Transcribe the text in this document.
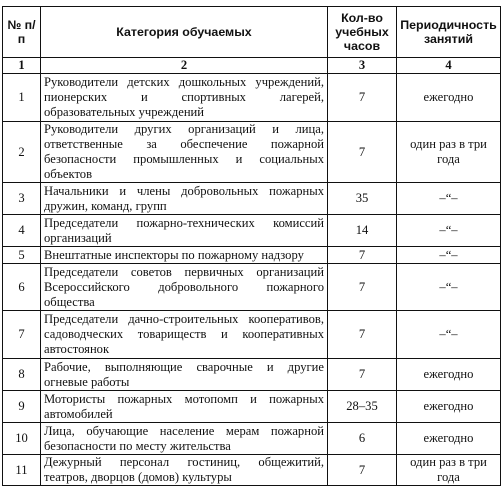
№ п/п	Категория обучаемых	Кол-во учебных часов	Периодичность занятий
1	2	3	4
1	Руководители детских дошкольных учреждений, пионерских и спортивных лагерей, образовательных учреждений	7	ежегодно
2	Руководители других организаций и лица, ответственные за обеспечение пожарной безопасности промышленных и социальных объектов	7	один раз в три года
3	Начальники и члены добровольных пожарных дружин, команд, групп	35	–“–
4	Председатели пожарно-технических комиссий организаций	14	–“–
5	Внештатные инспекторы по пожарному надзору	7	–“–
6	Председатели советов первичных организаций Всероссийского добровольного пожарного общества	7	–“–
7	Председатели дачно-строительных кооперативов, садоводческих товариществ и кооперативных автостоянок	7	–“–
8	Рабочие, выполняющие сварочные и другие огневые работы	7	ежегодно
9	Мотористы пожарных мотопомп и пожарных автомобилей	28–35	ежегодно
10	Лица, обучающие население мерам пожарной безопасности по месту жительства	6	ежегодно
11	Дежурный персонал гостиниц, общежитий, театров, дворцов (домов) культуры	7	один раз в три года
